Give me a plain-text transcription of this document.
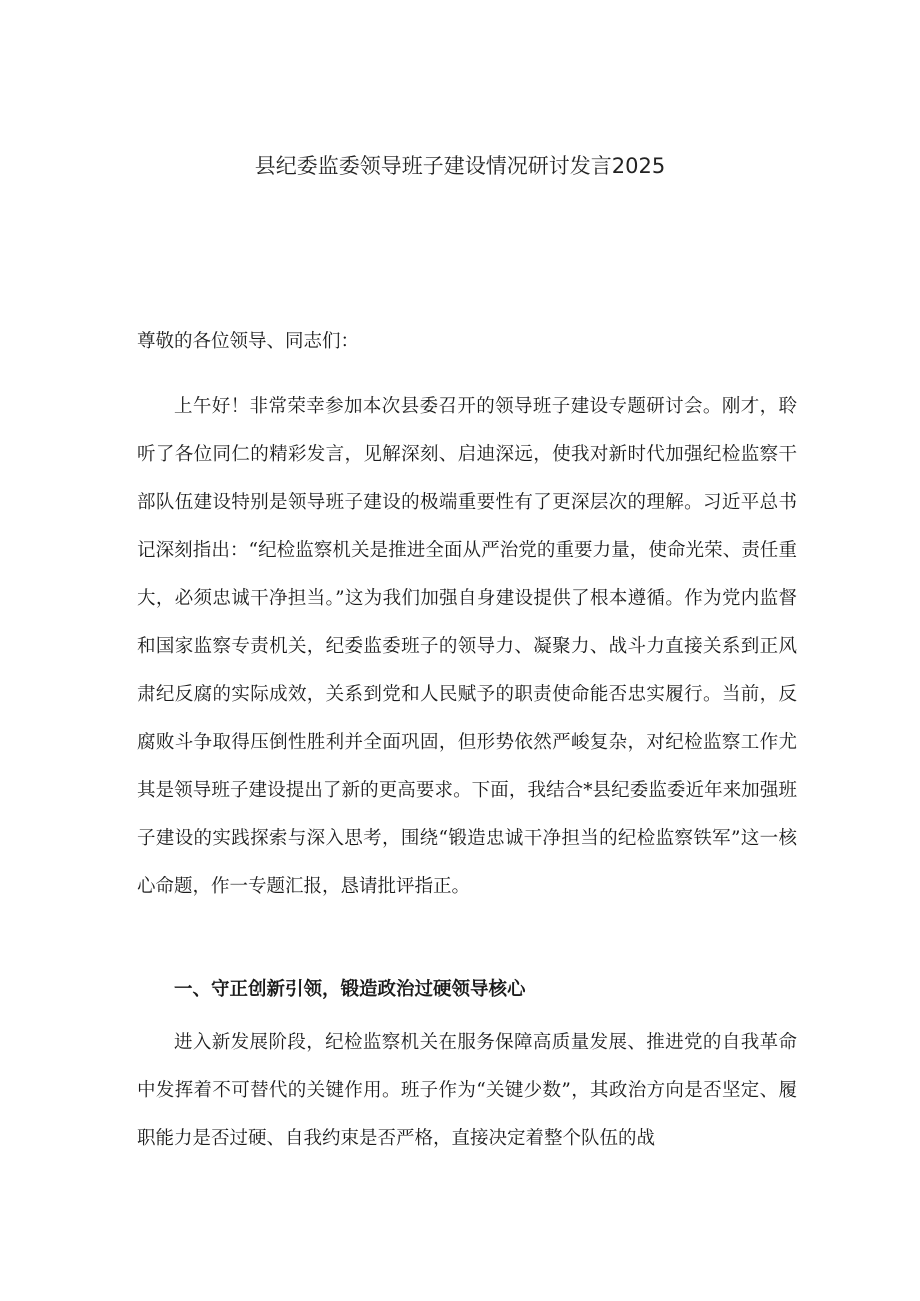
县纪委监委领导班子建设情况研讨发言2025
尊敬的各位领导、同志们：

上午好！非常荣幸参加本次县委召开的领导班子建设专题研讨会。刚才，聆听了各位同仁的精彩发言，见解深刻、启迪深远，使我对新时代加强纪检监察干部队伍建设特别是领导班子建设的极端重要性有了更深层次的理解。习近平总书记深刻指出：“纪检监察机关是推进全面从严治党的重要力量，使命光荣、责任重大，必须忠诚干净担当。”这为我们加强自身建设提供了根本遵循。作为党内监督和国家监察专责机关，纪委监委班子的领导力、凝聚力、战斗力直接关系到正风肃纪反腐的实际成效，关系到党和人民赋予的职责使命能否忠实履行。当前，反腐败斗争取得压倒性胜利并全面巩固，但形势依然严峻复杂，对纪检监察工作尤其是领导班子建设提出了新的更高要求。下面，我结合*县纪委监委近年来加强班子建设的实践探索与深入思考，围绕“锻造忠诚干净担当的纪检监察铁军”这一核心命题，作一专题汇报，恳请批评指正。

一、守正创新引领，锻造政治过硬领导核心

进入新发展阶段，纪检监察机关在服务保障高质量发展、推进党的自我革命中发挥着不可替代的关键作用。班子作为“关键少数”，其政治方向是否坚定、履职能力是否过硬、自我约束是否严格，直接决定着整个队伍的战
